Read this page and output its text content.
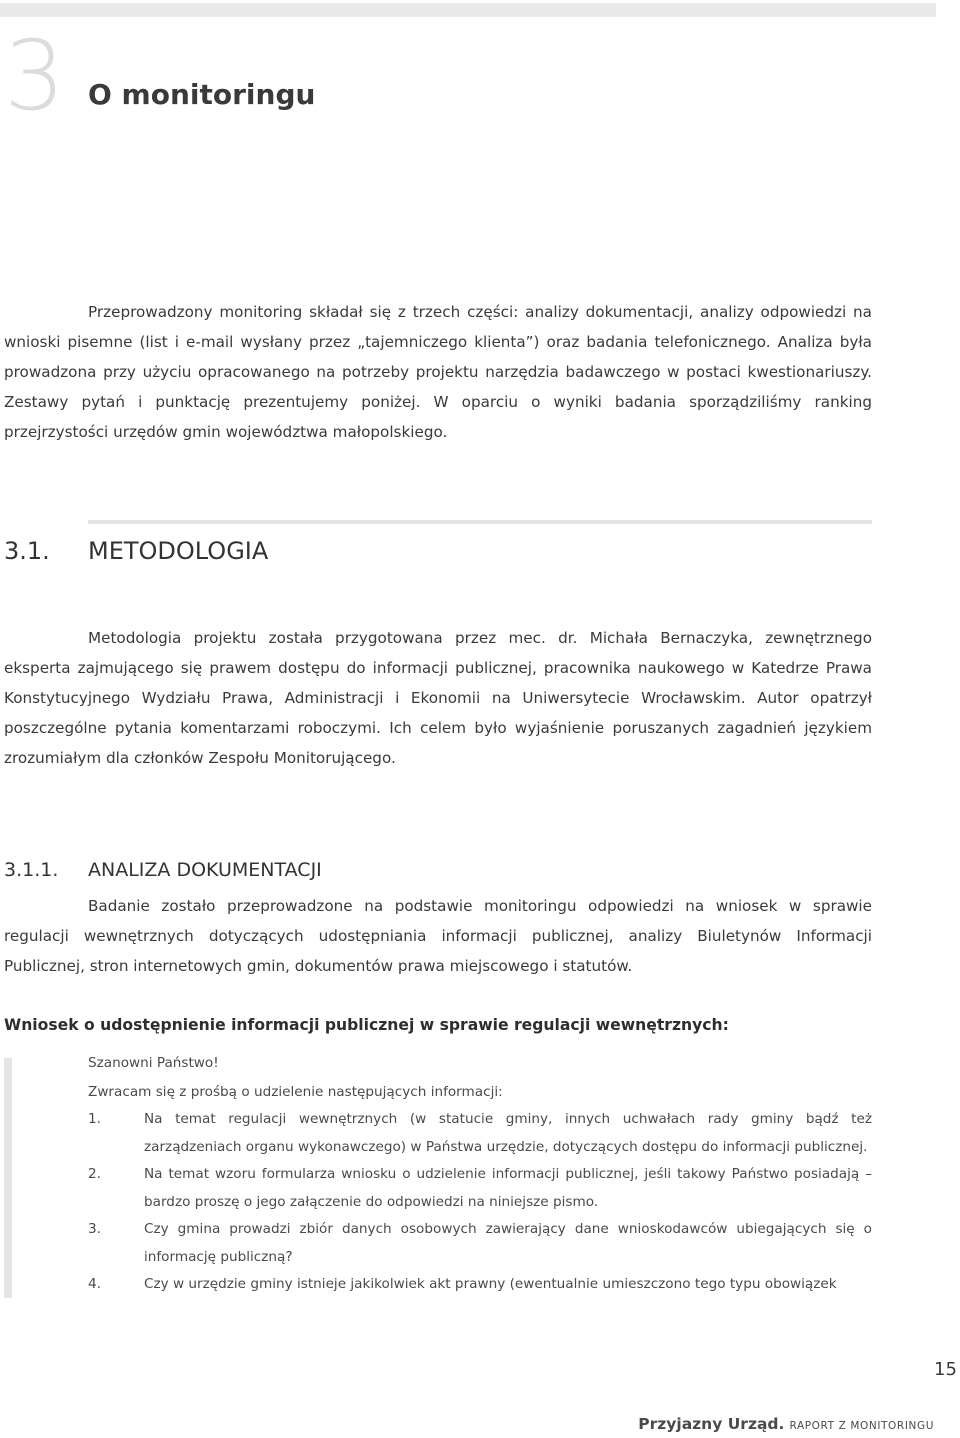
3 O monitoringu

Przeprowadzony monitoring składał się z trzech części: analizy dokumentacji, analizy odpowiedzi na wnioski pisemne (list i e-mail wysłany przez „tajemniczego klienta”) oraz badania telefonicznego. Analiza była prowadzona przy użyciu opracowanego na potrzeby projektu narzędzia badawczego w postaci kwestionariuszy. Zestawy pytań i punktację prezentujemy poniżej. W oparciu o wyniki badania sporządziliśmy ranking przejrzystości urzędów gmin województwa małopolskiego.

3.1. METODOLOGIA

Metodologia projektu została przygotowana przez mec. dr. Michała Bernaczyka, zewnętrznego eksperta zajmującego się prawem dostępu do informacji publicznej, pracownika naukowego w Katedrze Prawa Konstytucyjnego Wydziału Prawa, Administracji i Ekonomii na Uniwersytecie Wrocławskim. Autor opatrzył poszczególne pytania komentarzami roboczymi. Ich celem było wyjaśnienie poruszanych zagadnień językiem zrozumiałym dla członków Zespołu Monitorującego.

3.1.1. ANALIZA DOKUMENTACJI

Badanie zostało przeprowadzone na podstawie monitoringu odpowiedzi na wniosek w sprawie regulacji wewnętrznych dotyczących udostępniania informacji publicznej, analizy Biuletynów Informacji Publicznej, stron internetowych gmin, dokumentów prawa miejscowego i statutów.

Wniosek o udostępnienie informacji publicznej w sprawie regulacji wewnętrznych:
Szanowni Państwo!
Zwracam się z prośbą o udzielenie następujących informacji:
1.	Na temat regulacji wewnętrznych (w statucie gminy, innych uchwałach rady gminy bądź też zarządzeniach organu wykonawczego) w Państwa urzędzie, dotyczących dostępu do informacji publicznej.
2.	Na temat wzoru formularza wniosku o udzielenie informacji publicznej, jeśli takowy Państwo posiadają – bardzo proszę o jego załączenie do odpowiedzi na niniejsze pismo.
3.	Czy gmina prowadzi zbiór danych osobowych zawierający dane wnioskodawców ubiegających się o informację publiczną?
4.	Czy w urzędzie gminy istnieje jakikolwiek akt prawny (ewentualnie umieszczono tego typu obowiązek
15
Przyjazny Urząd. RAPORT Z MONITORINGU
